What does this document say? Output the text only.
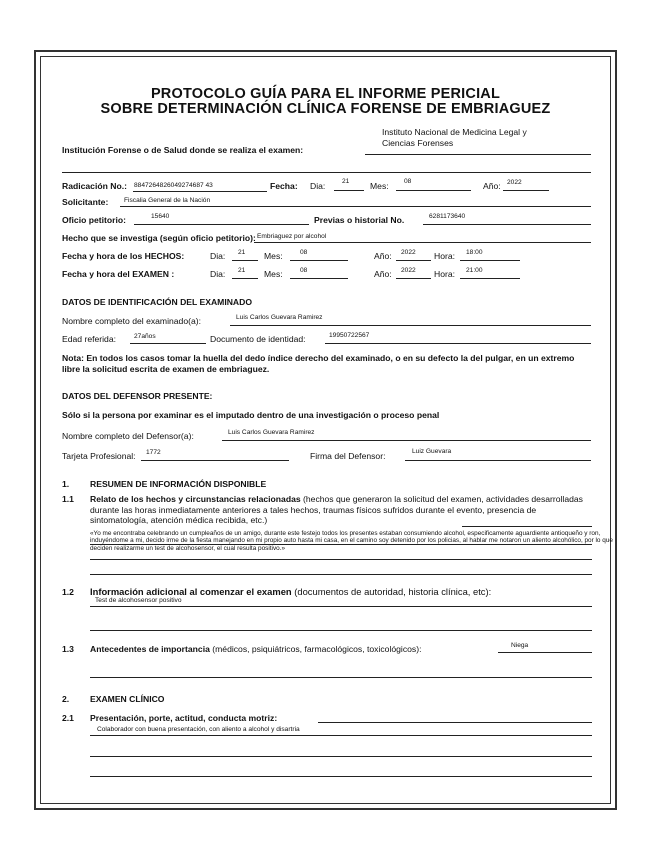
PROTOCOLO GUÍA PARA EL INFORME PERICIAL
SOBRE DETERMINACIÓN CLÍNICA FORENSE DE EMBRIAGUEZ
Institución Forense o de Salud donde se realiza el examen:
Instituto Nacional de Medicina Legal y
Ciencias Forenses
Radicación No.: 8847264826049274687 43	Fecha: Dia:	21 Mes: 08	Año: 2022
Solicitante: Fiscalia General de la Nación
Oficio petitorio:	15640	Previas o historial No.	6281173640
Hecho que se investiga (según oficio petitorio): Embriaguez por alcohol
Fecha y hora de los HECHOS:	Dia: 21 Mes:	08	Año: 2022 Hora: 18:00
Fecha y hora del EXAMEN :	Dia: 21 Mes:	08	Año: 2022 Hora: 21:00
DATOS DE IDENTIFICACIÓN DEL EXAMINADO
Nombre completo del examinado(a):	Luis Carlos Guevara Ramirez
Edad referida:	27años	Documento de identidad:	19950722567
Nota: En todos los casos tomar la huella del dedo índice derecho del examinado, o en su defecto la del pulgar, en un extremo libre la solicitud escrita de examen de embriaguez.
DATOS DEL DEFENSOR PRESENTE:
Sólo si la persona por examinar es el imputado dentro de una investigación o proceso penal
Nombre completo del Defensor(a):	Luis Carlos Guevara Ramirez
Tarjeta Profesional: 1772	Firma del Defensor:	Luiz Guevara
1. RESUMEN DE INFORMACIÓN DISPONIBLE
1.1 Relato de los hechos y circunstancias relacionadas (hechos que generaron la solicitud del examen, actividades desarrolladas durante las horas inmediatamente anteriores a tales hechos, traumas físicos sufridos durante el evento, presencia de sintomatología, atención médica recibida, etc.)
«Yo me encontraba celebrando un cumpleaños de un amigo, durante este festejo todos los presentes estaban consumiendo alcohol, especificamente aguardiente antioqueño y ron, induyéndome a mi, decido irme de la fiesta manejando en mi propio auto hasta mi casa, en el camino soy detenido por los policias, al hablar me notaron un aliento alcohólico, por lo que deciden realizarme un test de alcohosensor, el cual resulta positivo.»
1.2 Información adicional al comenzar el examen (documentos de autoridad, historia clínica, etc):
Test de alcohosensor positivo
1.3 Antecedentes de importancia (médicos, psiquiátricos, farmacológicos, toxicológicos):	Niega
2. EXAMEN CLÍNICO
2.1 Presentación, porte, actitud, conducta motriz:
Colaborador con buena presentación, con aliento a alcohol y disartria
